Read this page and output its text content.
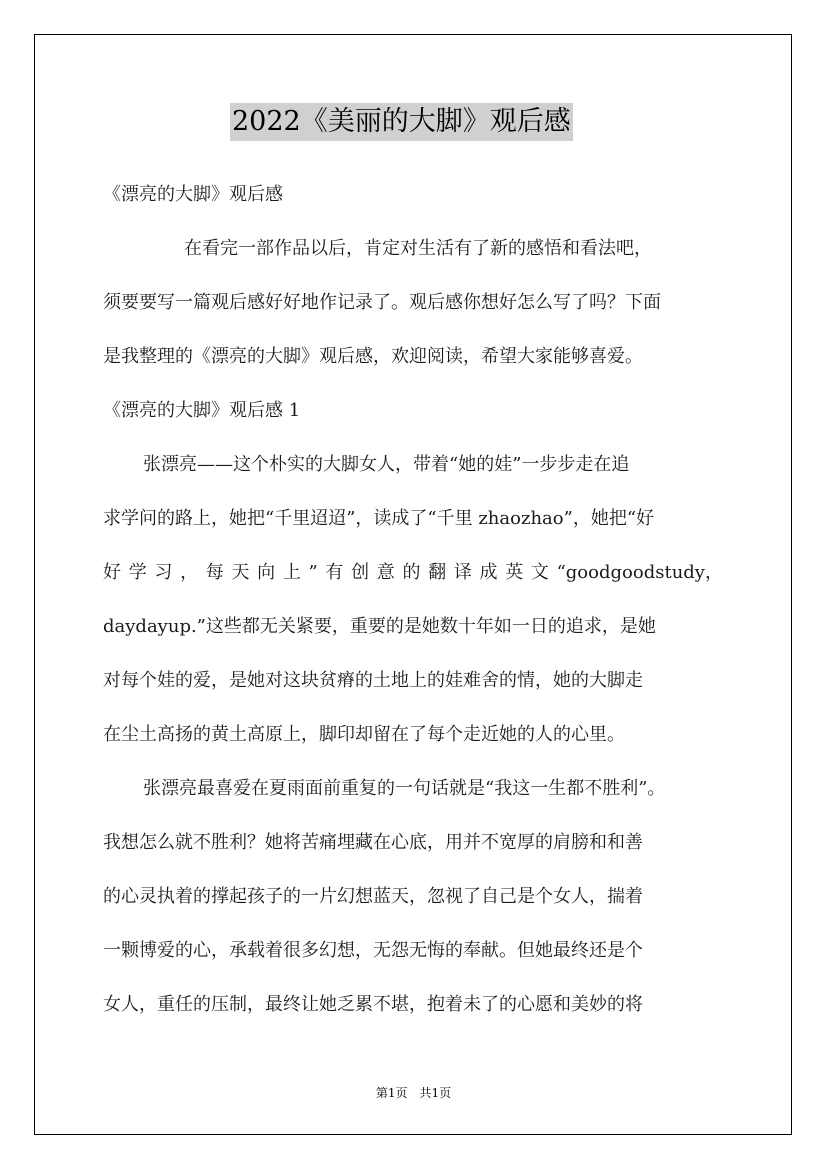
2022《美丽的大脚》观后感
《漂亮的大脚》观后感
在看完一部作品以后，肯定对生活有了新的感悟和看法吧，
须要要写一篇观后感好好地作记录了。观后感你想好怎么写了吗？下面
是我整理的《漂亮的大脚》观后感，欢迎阅读，希望大家能够喜爱。
《漂亮的大脚》观后感 1
张漂亮——这个朴实的大脚女人，带着“她的娃”一步步走在追
求学问的路上，她把“千里迢迢”，读成了“千里 zhaozhao”，她把“好
好 学 习 ， 每 天 向 上 ” 有 创 意 的 翻 译 成 英 文 “goodgoodstudy，
daydayup.”这些都无关紧要，重要的是她数十年如一日的追求，是她
对每个娃的爱，是她对这块贫瘠的土地上的娃难舍的情，她的大脚走
在尘土高扬的黄土高原上，脚印却留在了每个走近她的人的心里。
张漂亮最喜爱在夏雨面前重复的一句话就是“我这一生都不胜利”。
我想怎么就不胜利？她将苦痛埋藏在心底，用并不宽厚的肩膀和和善
的心灵执着的撑起孩子的一片幻想蓝天，忽视了自己是个女人，揣着
一颗博爱的心，承载着很多幻想，无怨无悔的奉献。但她最终还是个
女人，重任的压制，最终让她乏累不堪，抱着未了的心愿和美妙的将
第1页　共1页
